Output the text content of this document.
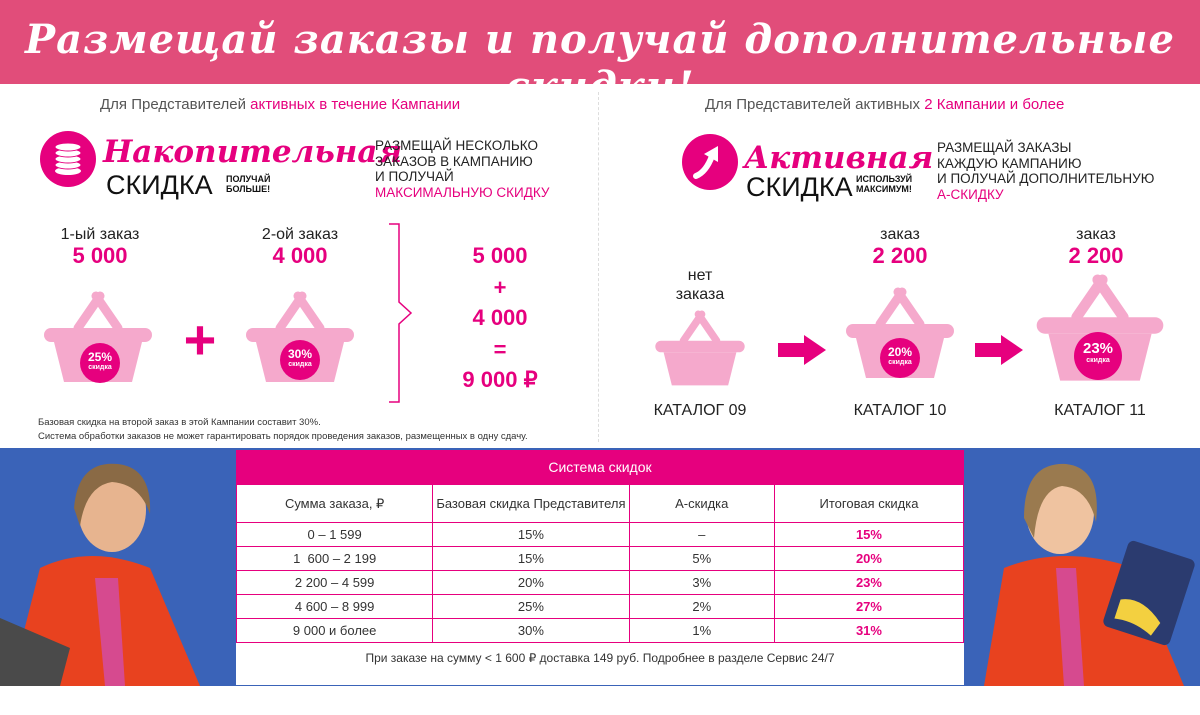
Размещай заказы и получай дополнительные скидки!
Для Представителей активных в течение Кампании
Накопительная
СКИДКА ПОЛУЧАЙ
БОЛЬШЕ!
РАЗМЕЩАЙ НЕСКОЛЬКО
ЗАКАЗОВ В КАМПАНИЮ
И ПОЛУЧАЙ
МАКСИМАЛЬНУЮ СКИДКУ
1-ый заказ
5 000
25%
скидка +
2-ой заказ
4 000
30%
скидка
5 000
+
4 000
=
9 000 ₽
Базовая скидка на второй заказ в этой Кампании составит 30%.
Система обработки заказов не может гарантировать порядок проведения заказов, размещенных в одну сдачу.
Для Представителей активных 2 Кампании и более
Активная
СКИДКА ИСПОЛЬЗУЙ
МАКСИМУМ!
РАЗМЕЩАЙ ЗАКАЗЫ
КАЖДУЮ КАМПАНИЮ
И ПОЛУЧАЙ ДОПОЛНИТЕЛЬНУЮ
А-СКИДКУ
нет
заказа
КАТАЛОГ 09
заказ
2 200
20%
скидка
КАТАЛОГ 10
заказ
2 200
23%
скидка
КАТАЛОГ 11
Система скидок
Сумма заказа, ₽	Базовая скидка Представителя	А-скидка	Итоговая скидка
0 – 1 599	15%	–	15%
1  600 – 2 199	15%	5%	20%
2 200 – 4 599	20%	3%	23%
4 600 – 8 999	25%	2%	27%
9 000 и более	30%	1%	31%
При заказе на сумму < 1 600 ₽ доставка 149 руб. Подробнее в разделе Сервис 24/7
